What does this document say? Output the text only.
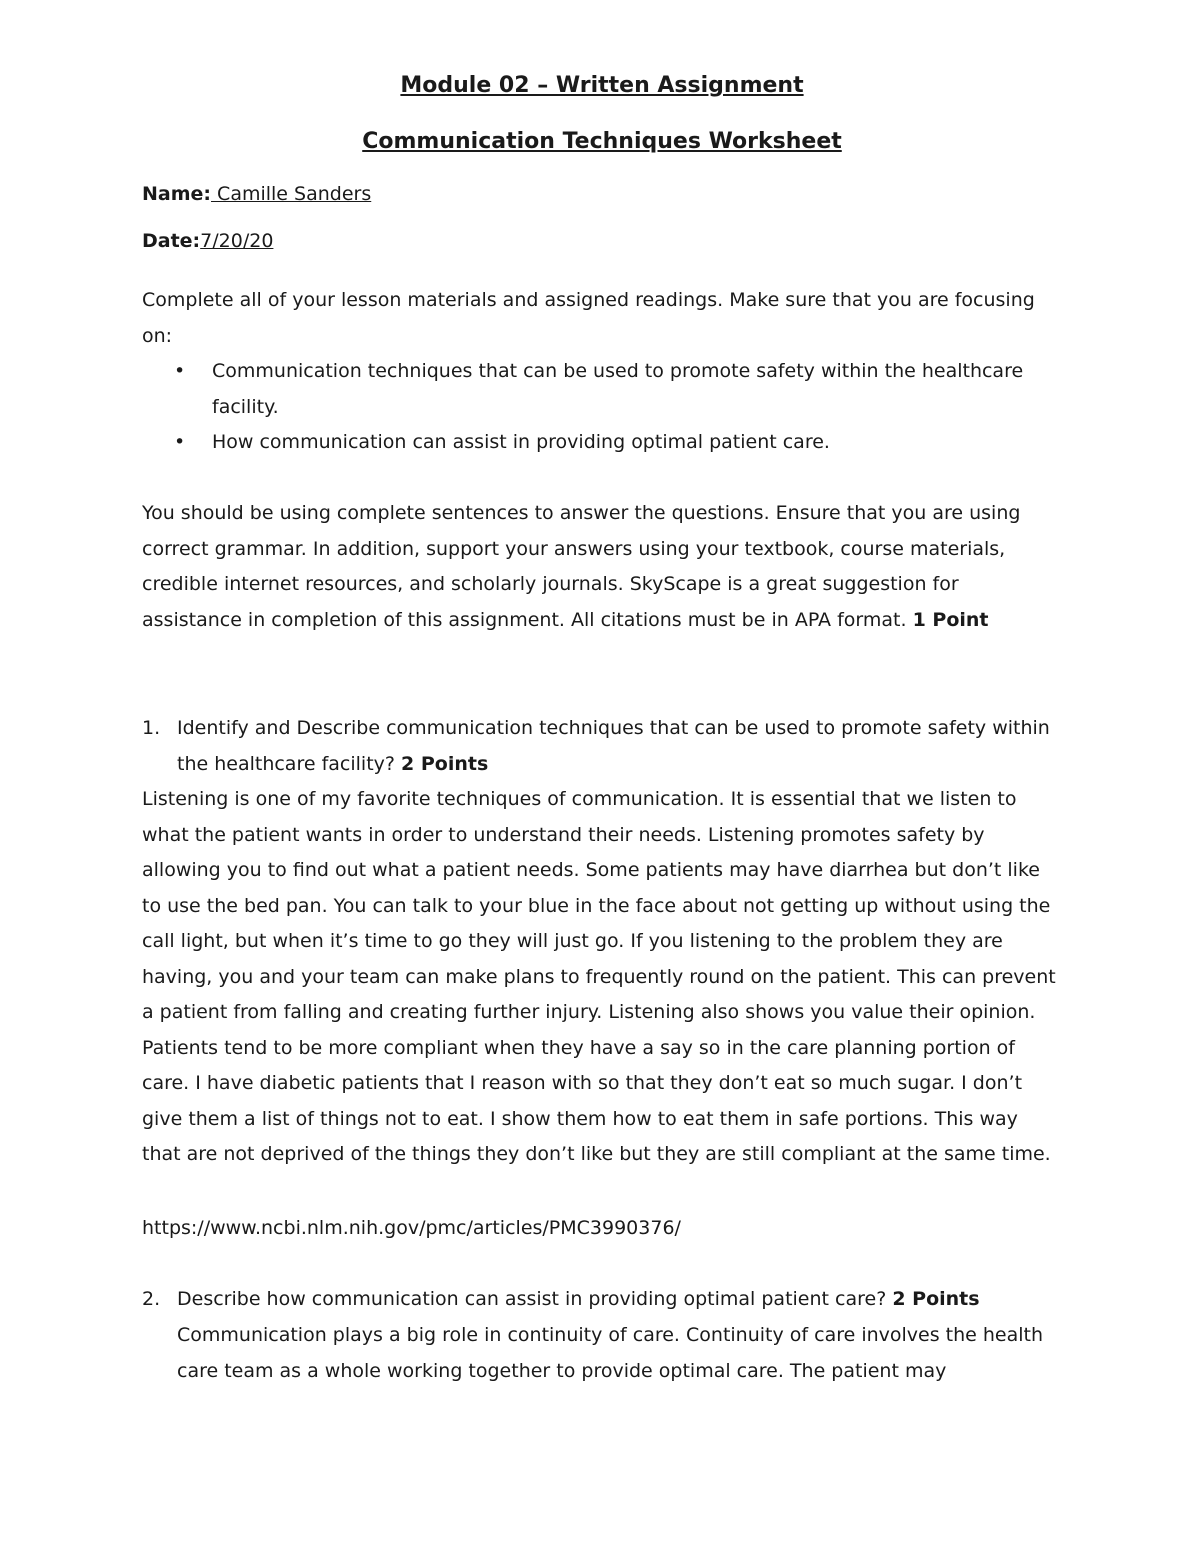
Module 02 – Written Assignment
Communication Techniques Worksheet

Name: Camille Sanders

Date:7/20/20

Complete all of your lesson materials and assigned readings. Make sure that you are focusing on:

• Communication techniques that can be used to promote safety within the healthcare facility.
• How communication can assist in providing optimal patient care.

You should be using complete sentences to answer the questions. Ensure that you are using correct grammar. In addition, support your answers using your textbook, course materials, credible internet resources, and scholarly journals. SkyScape is a great suggestion for assistance in completion of this assignment. All citations must be in APA format. 1 Point

1. Identify and Describe communication techniques that can be used to promote safety within the healthcare facility? 2 Points

Listening is one of my favorite techniques of communication. It is essential that we listen to what the patient wants in order to understand their needs. Listening promotes safety by allowing you to find out what a patient needs. Some patients may have diarrhea but don’t like to use the bed pan. You can talk to your blue in the face about not getting up without using the call light, but when it’s time to go they will just go. If you listening to the problem they are having, you and your team can make plans to frequently round on the patient. This can prevent a patient from falling and creating further injury. Listening also shows you value their opinion. Patients tend to be more compliant when they have a say so in the care planning portion of care. I have diabetic patients that I reason with so that they don’t eat so much sugar. I don’t give them a list of things not to eat. I show them how to eat them in safe portions. This way that are not deprived of the things they don’t like but they are still compliant at the same time.

https://www.ncbi.nlm.nih.gov/pmc/articles/PMC3990376/

2. Describe how communication can assist in providing optimal patient care? 2 Points

Communication plays a big role in continuity of care. Continuity of care involves the health care team as a whole working together to provide optimal care. The patient may
